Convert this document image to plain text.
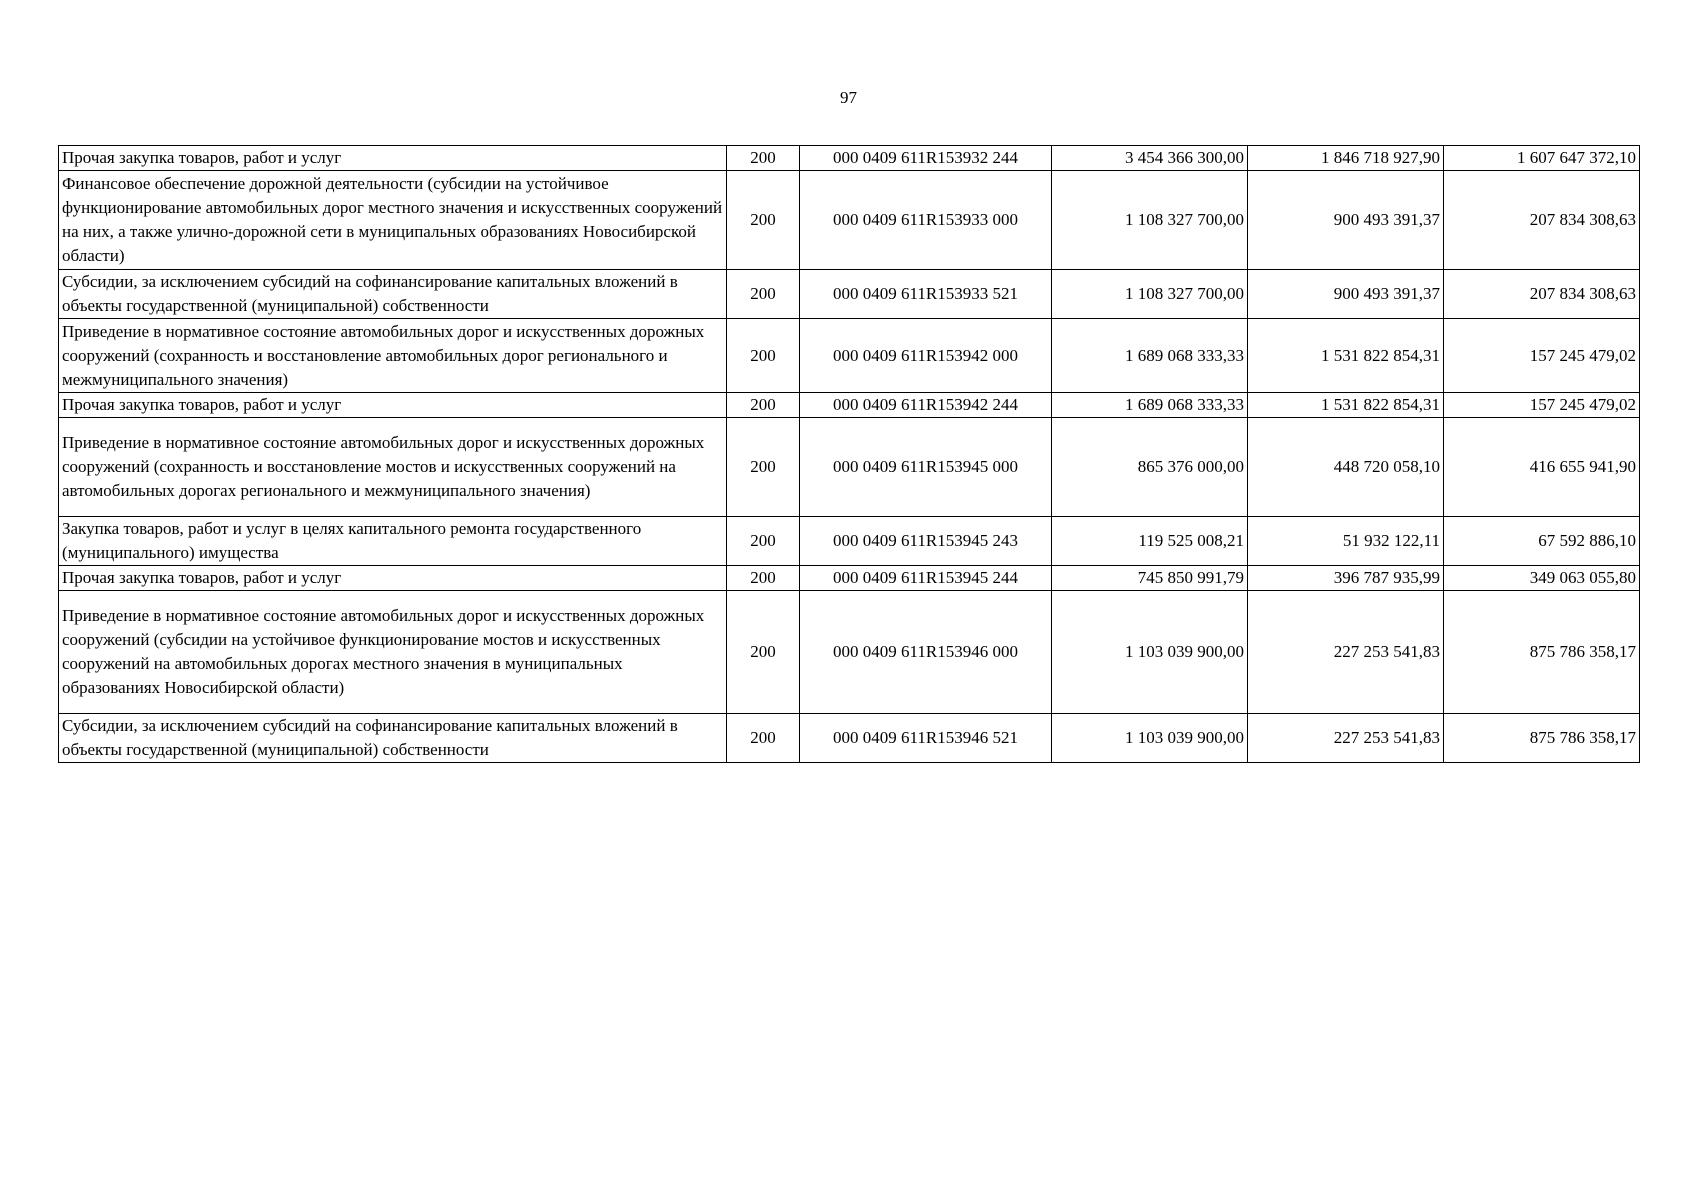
97
Прочая закупка товаров, работ и услуг	200	000 0409 611R153932 244	3 454 366 300,00	1 846 718 927,90	1 607 647 372,10
Финансовое обеспечение дорожной деятельности (субсидии на устойчивое функционирование автомобильных дорог местного значения и искусственных сооружений на них, а также улично-дорожной сети в муниципальных образованиях Новосибирской области)	200	000 0409 611R153933 000	1 108 327 700,00	900 493 391,37	207 834 308,63
Субсидии, за исключением субсидий на софинансирование капитальных вложений в объекты государственной (муниципальной) собственности	200	000 0409 611R153933 521	1 108 327 700,00	900 493 391,37	207 834 308,63
Приведение в нормативное состояние автомобильных дорог и искусственных дорожных сооружений (сохранность и восстановление автомобильных дорог регионального и межмуниципального значения)	200	000 0409 611R153942 000	1 689 068 333,33	1 531 822 854,31	157 245 479,02
Прочая закупка товаров, работ и услуг	200	000 0409 611R153942 244	1 689 068 333,33	1 531 822 854,31	157 245 479,02
Приведение в нормативное состояние автомобильных дорог и искусственных дорожных сооружений (сохранность и восстановление мостов и искусственных сооружений на автомобильных дорогах регионального и межмуниципального значения)	200	000 0409 611R153945 000	865 376 000,00	448 720 058,10	416 655 941,90
Закупка товаров, работ и услуг в целях капитального ремонта государственного (муниципального) имущества	200	000 0409 611R153945 243	119 525 008,21	51 932 122,11	67 592 886,10
Прочая закупка товаров, работ и услуг	200	000 0409 611R153945 244	745 850 991,79	396 787 935,99	349 063 055,80
Приведение в нормативное состояние автомобильных дорог и искусственных дорожных сооружений (субсидии на устойчивое функционирование мостов и искусственных сооружений на автомобильных дорогах местного значения в муниципальных образованиях Новосибирской области)	200	000 0409 611R153946 000	1 103 039 900,00	227 253 541,83	875 786 358,17
Субсидии, за исключением субсидий на софинансирование капитальных вложений в объекты государственной (муниципальной) собственности	200	000 0409 611R153946 521	1 103 039 900,00	227 253 541,83	875 786 358,17
